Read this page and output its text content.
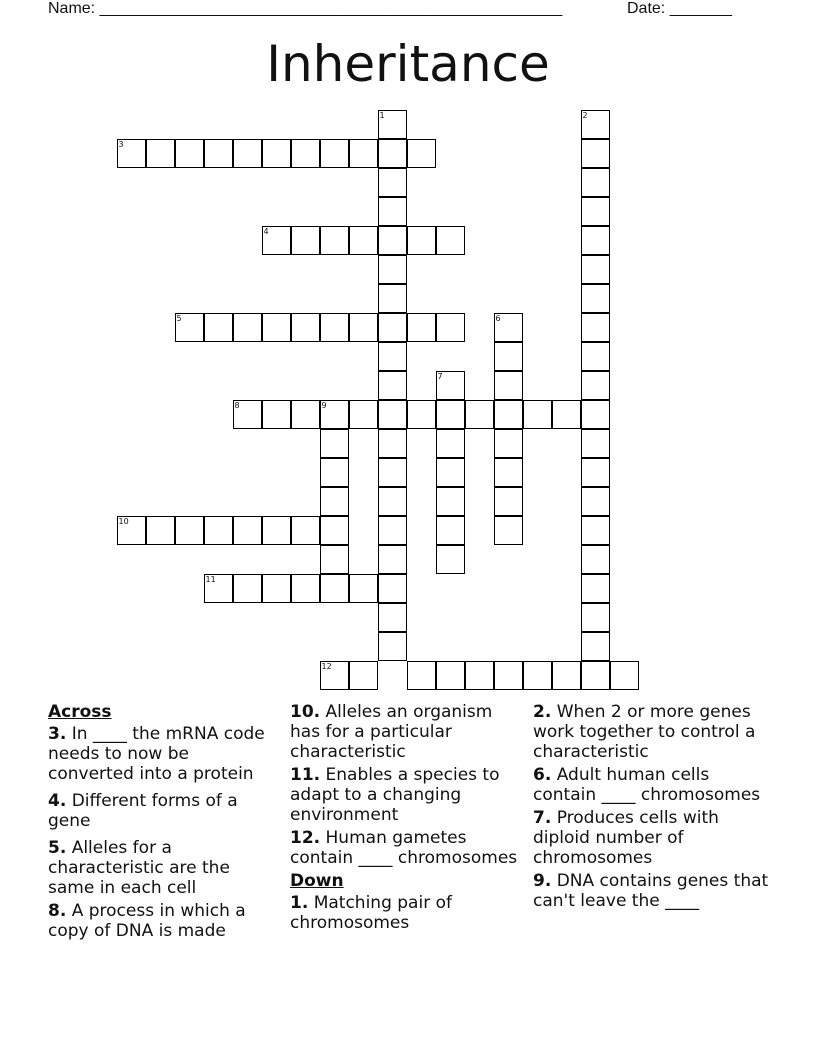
Name: ____________________________________________________	Date: _______
Inheritance
3
1	2
4
5	6
7
8	9
10
11
12
Across
3. In ____ the mRNA code needs to now be converted into a protein
4. Different forms of a gene
5. Alleles for a characteristic are the same in each cell
8. A process in which a copy of DNA is made
10. Alleles an organism has for a particular characteristic
11. Enables a species to adapt to a changing environment
12. Human gametes contain ____ chromosomes
Down
1. Matching pair of chromosomes
2. When 2 or more genes work together to control a characteristic
6. Adult human cells contain ____ chromosomes
7. Produces cells with diploid number of chromosomes
9. DNA contains genes that can't leave the ____
